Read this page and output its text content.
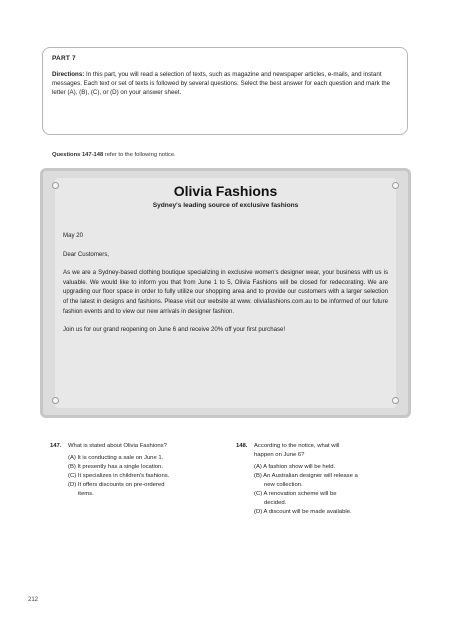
PART 7

Directions: In this part, you will read a selection of texts, such as magazine and newspaper articles, e-mails, and instant messages. Each text or set of texts is followed by several questions. Select the best answer for each question and mark the letter (A), (B), (C), or (D) on your answer sheet.

Questions 147-148 refer to the following notice.
Olivia Fashions
Sydney's leading source of exclusive fashions

May 20

Dear Customers,

As we are a Sydney-based clothing boutique specializing in exclusive women's designer wear, your business with us is valuable. We would like to inform you that from June 1 to 5, Olivia Fashions will be closed for redecorating. We are upgrading our floor space in order to fully utilize our shopping area and to provide our customers with a larger selection of the latest in designs and fashions. Please visit our website at www. oliviafashions.com.au to be informed of our future fashion events and to view our new arrivals in designer fashion.

Join us for our grand reopening on June 6 and receive 20% off your first purchase!

147. What is stated about Olivia Fashions?
(A) It is conducting a sale on June 1.
(B) It presently has a single location.
(C) It specializes in children's fashions.
(D) It offers discounts on pre-ordered
items.
148. According to the notice, what will
happen on June 6?
(A) A fashion show will be held.
(B) An Australian designer will release a
new collection.
(C) A renovation scheme will be
decided.
(D) A discount will be made available.
212
